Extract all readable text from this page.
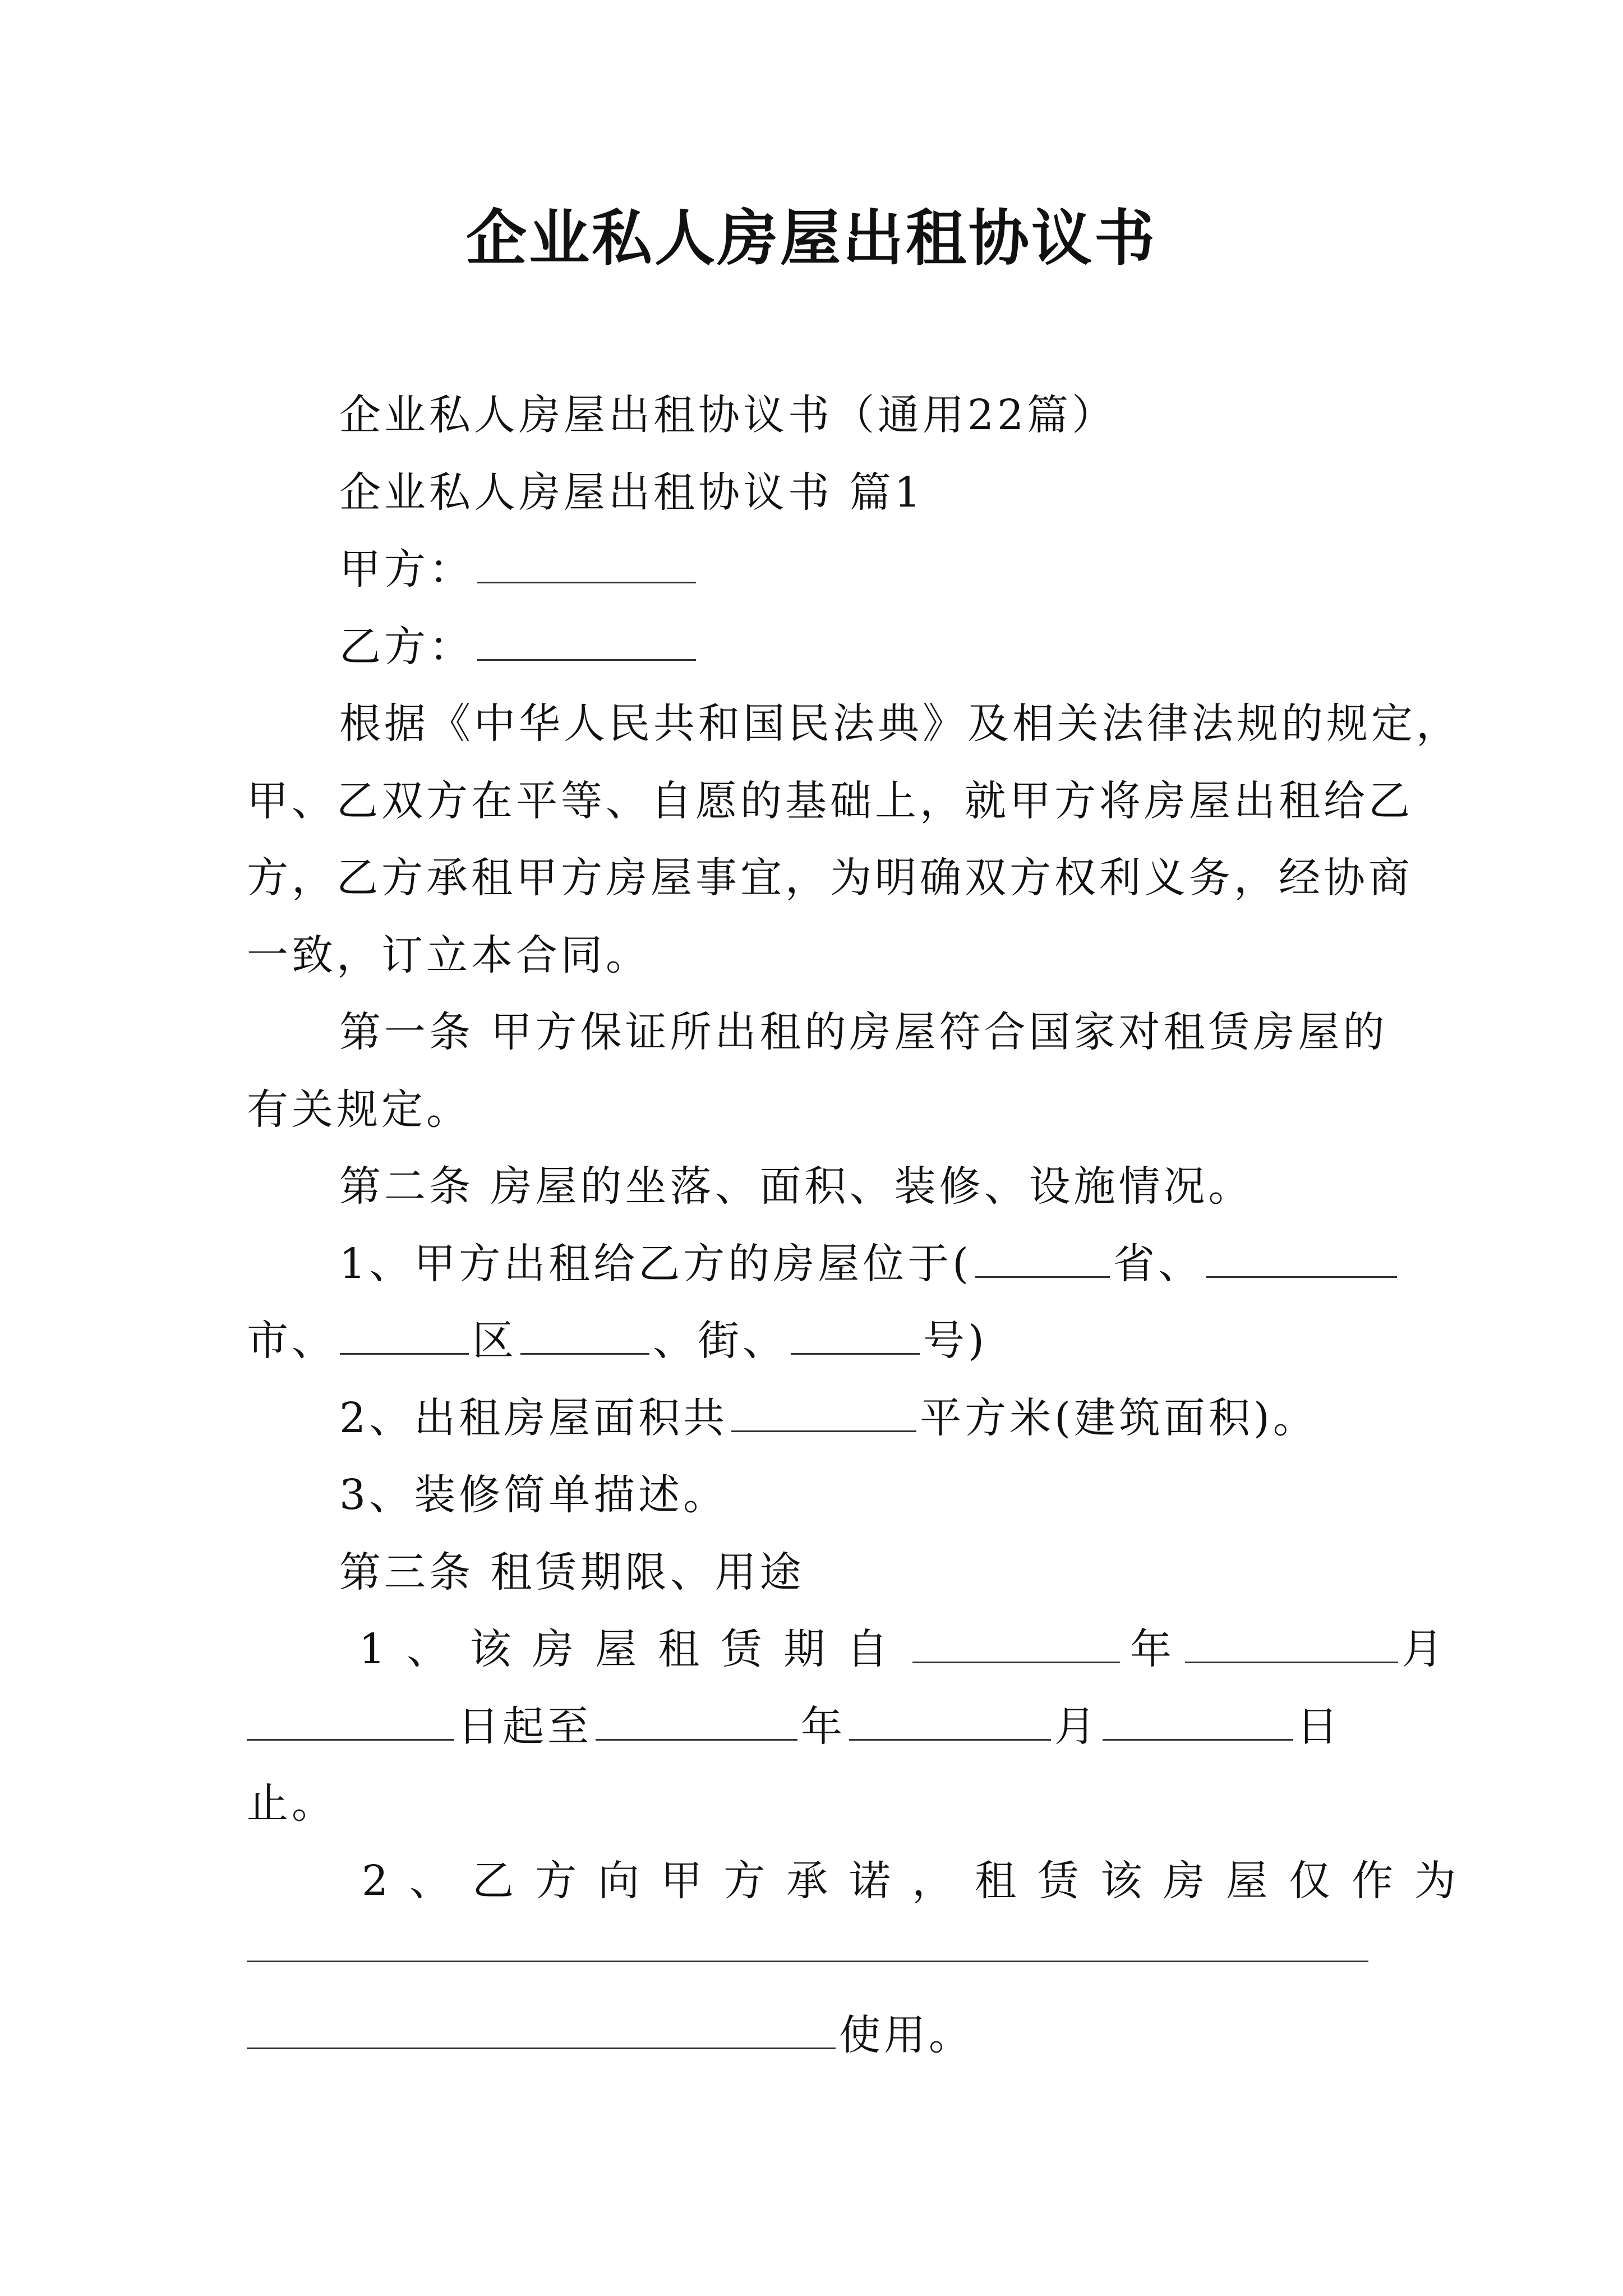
企业私人房屋出租协议书
企业私人房屋出租协议书（通用22篇）
企业私人房屋出租协议书 篇1
甲方：
乙方：
根据《中华人民共和国民法典》及相关法律法规的规定，
甲、乙双方在平等、自愿的基础上，就甲方将房屋出租给乙
方，乙方承租甲方房屋事宜，为明确双方权利义务，经协商
一致，订立本合同。
第一条 甲方保证所出租的房屋符合国家对租赁房屋的
有关规定。
第二条 房屋的坐落、面积、装修、设施情况。
1、甲方出租给乙方的房屋位于(	省、
市、	区	、街、	号)
2、出租房屋面积共	平方米(建筑面积)。
3、装修简单描述。
第三条 租赁期限、用途
1、该房屋租赁期自	年	月
日起至	年	月	日
止。
2、乙方向甲方承诺，租赁该房屋仅作为
使用。
